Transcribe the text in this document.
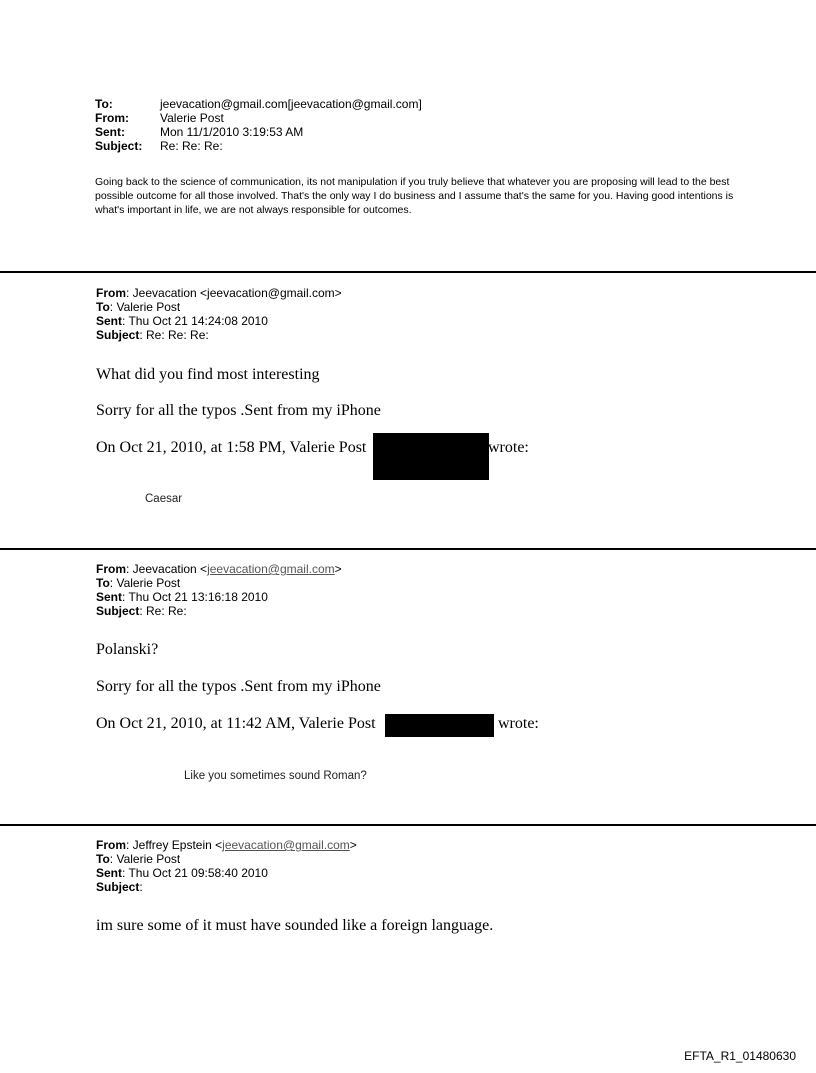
To:	jeevacation@gmail.com[jeevacation@gmail.com]
From:	Valerie Post
Sent:	Mon 11/1/2010 3:19:53 AM
Subject:	Re: Re: Re:
Going back to the science of communication, its not manipulation if you truly believe that whatever you are proposing will lead to the best possible outcome for all those involved. That's the only way I do business and I assume that's the same for you. Having good intentions is what's important in life, we are not always responsible for outcomes.
From: Jeevacation <jeevacation@gmail.com>
To: Valerie Post
Sent: Thu Oct 21 14:24:08 2010
Subject: Re: Re: Re:
What did you find most interesting
Sorry for all the typos .Sent from my iPhone
On Oct 21, 2010, at 1:58 PM, Valerie Post	wrote:
Caesar
From: Jeevacation <jeevacation@gmail.com>
To: Valerie Post
Sent: Thu Oct 21 13:16:18 2010
Subject: Re: Re:
Polanski?
Sorry for all the typos .Sent from my iPhone
On Oct 21, 2010, at 11:42 AM, Valerie Post	wrote:
Like you sometimes sound Roman?
From: Jeffrey Epstein <jeevacation@gmail.com>
To: Valerie Post
Sent: Thu Oct 21 09:58:40 2010
Subject:
im sure some of it must have sounded like a foreign language.
EFTA_R1_01480630
